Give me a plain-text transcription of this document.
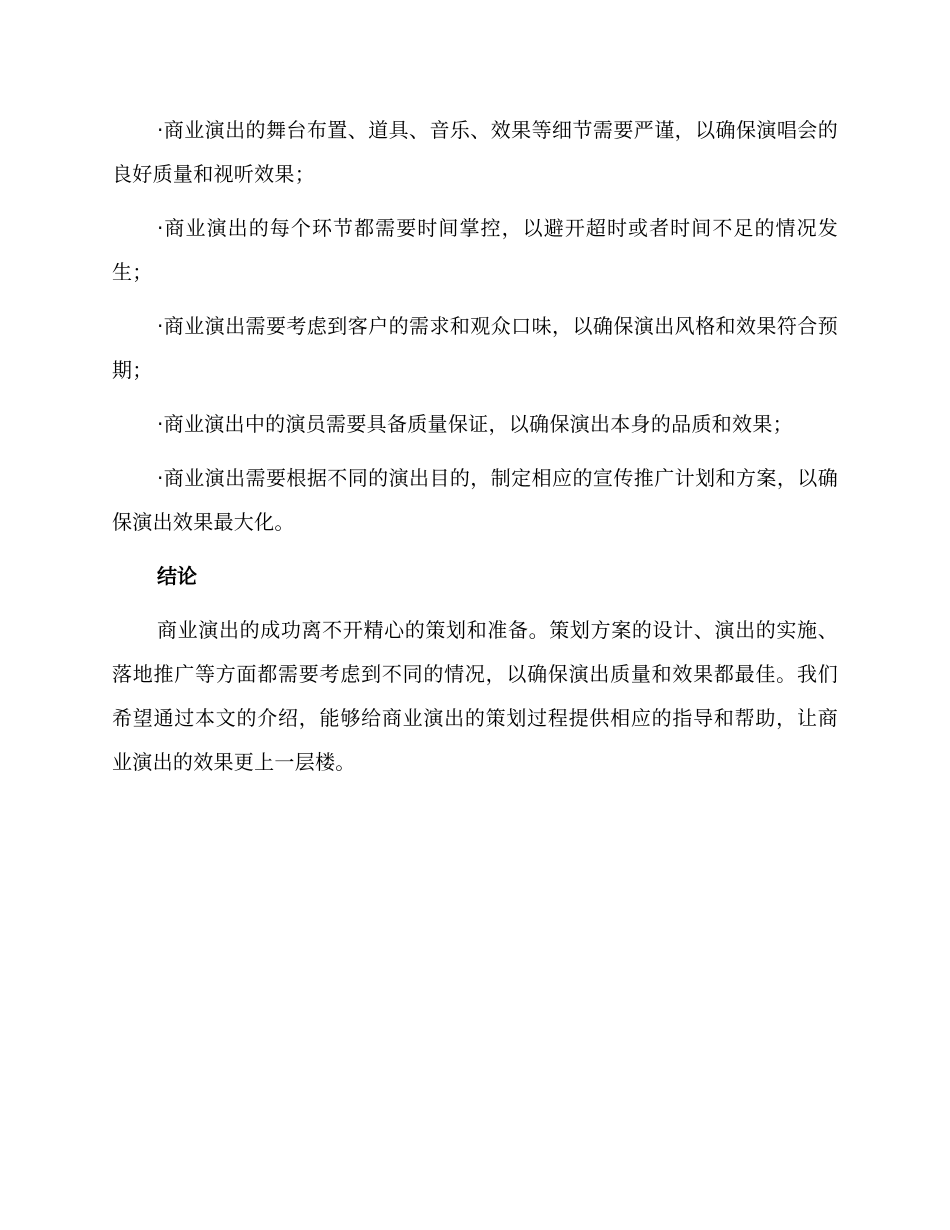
·商业演出的舞台布置、道具、音乐、效果等细节需要严谨，以确保演唱会的良好质量和视听效果；

·商业演出的每个环节都需要时间掌控，以避开超时或者时间不足的情况发生；

·商业演出需要考虑到客户的需求和观众口味，以确保演出风格和效果符合预期；

·商业演出中的演员需要具备质量保证，以确保演出本身的品质和效果；

·商业演出需要根据不同的演出目的，制定相应的宣传推广计划和方案，以确保演出效果最大化。

结论

商业演出的成功离不开精心的策划和准备。策划方案的设计、演出的实施、落地推广等方面都需要考虑到不同的情况，以确保演出质量和效果都最佳。我们希望通过本文的介绍，能够给商业演出的策划过程提供相应的指导和帮助，让商业演出的效果更上一层楼。
